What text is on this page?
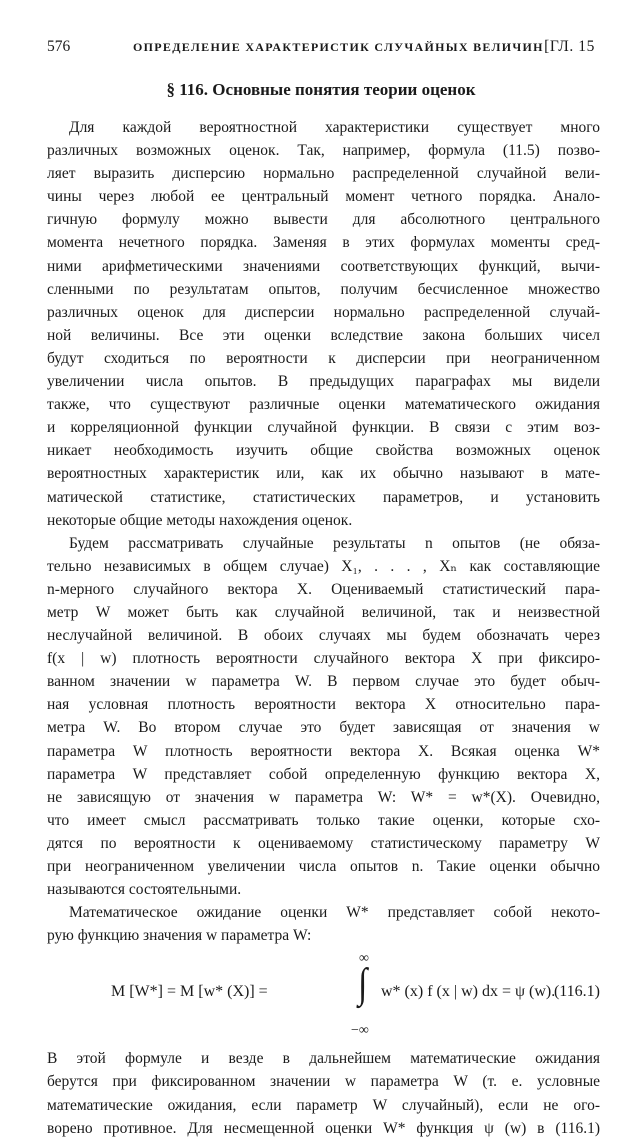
576	ОПРЕДЕЛЕНИЕ ХАРАКТЕРИСТИК СЛУЧАЙНЫХ ВЕЛИЧИН [ГЛ. 15
§ 116. Основные понятия теории оценок
Для каждой вероятностной характеристики существует много
различных возможных оценок. Так, например, формула (11.5) позво-
ляет выразить дисперсию нормально распределенной случайной вели-
чины через любой ее центральный момент четного порядка. Анало-
гичную формулу можно вывести для абсолютного центрального
момента нечетного порядка. Заменяя в этих формулах моменты сред-
ними арифметическими значениями соответствующих функций, вычи-
сленными по результатам опытов, получим бесчисленное множество
различных оценок для дисперсии нормально распределенной случай-
ной величины. Все эти оценки вследствие закона больших чисел
будут сходиться по вероятности к дисперсии при неограниченном
увеличении числа опытов. В предыдущих параграфах мы видели
также, что существуют различные оценки математического ожидания
и корреляционной функции случайной функции. В связи с этим воз-
никает необходимость изучить общие свойства возможных оценок
вероятностных характеристик или, как их обычно называют в мате-
матической статистике, статистических параметров, и установить
некоторые общие методы нахождения оценок.
Будем рассматривать случайные результаты n опытов (не обяза-
тельно независимых в общем случае) X₁, . . . , Xₙ как составляющие
n-мерного случайного вектора X. Оцениваемый статистический пара-
метр W может быть как случайной величиной, так и неизвестной
неслучайной величиной. В обоих случаях мы будем обозначать через
f(x | w) плотность вероятности случайного вектора X при фиксиро-
ванном значении w параметра W. В первом случае это будет обыч-
ная условная плотность вероятности вектора X относительно пара-
метра W. Во втором случае это будет зависящая от значения w
параметра W плотность вероятности вектора X. Всякая оценка W*
параметра W представляет собой определенную функцию вектора X,
не зависящую от значения w параметра W: W* = w*(X). Очевидно,
что имеет смысл рассматривать только такие оценки, которые схо-
дятся по вероятности к оцениваемому статистическому параметру W
при неограниченном увеличении числа опытов n. Такие оценки обычно
называются состоятельными.
Математическое ожидание оценки W* представляет собой некото-
рую функцию значения w параметра W:
M [W*] = M [w* (X)] =
∞
∫
−∞
w* (x) f (x | w) dx = ψ (w).
(116.1)
В этой формуле и везде в дальнейшем математические ожидания
берутся при фиксированном значении w параметра W (т. е. условные
математические ожидания, если параметр W случайный), если не ого-
ворено противное. Для несмещенной оценки W* функция ψ (w) в (116.1)
